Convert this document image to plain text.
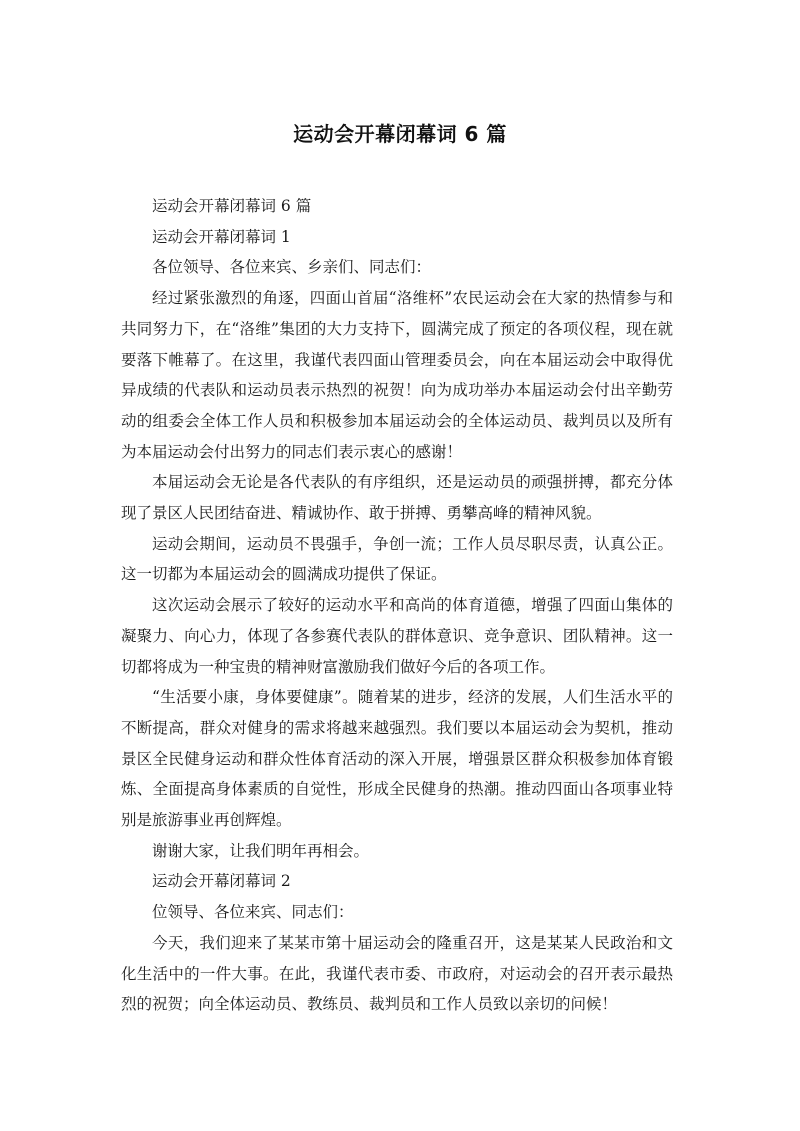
运动会开幕闭幕词 6 篇

运动会开幕闭幕词 6 篇

运动会开幕闭幕词 1

各位领导、各位来宾、乡亲们、同志们：

经过紧张激烈的角逐，四面山首届“洛维杯”农民运动会在大家的热情参与和共同努力下，在“洛维”集团的大力支持下，圆满完成了预定的各项仪程，现在就要落下帷幕了。在这里，我谨代表四面山管理委员会，向在本届运动会中取得优异成绩的代表队和运动员表示热烈的祝贺！向为成功举办本届运动会付出辛勤劳动的组委会全体工作人员和积极参加本届运动会的全体运动员、裁判员以及所有为本届运动会付出努力的同志们表示衷心的感谢！

本届运动会无论是各代表队的有序组织，还是运动员的顽强拼搏，都充分体现了景区人民团结奋进、精诚协作、敢于拼搏、勇攀高峰的精神风貌。

运动会期间，运动员不畏强手，争创一流；工作人员尽职尽责，认真公正。这一切都为本届运动会的圆满成功提供了保证。

这次运动会展示了较好的运动水平和高尚的体育道德，增强了四面山集体的凝聚力、向心力，体现了各参赛代表队的群体意识、竞争意识、团队精神。这一切都将成为一种宝贵的精神财富激励我们做好今后的各项工作。

“生活要小康，身体要健康”。随着某的进步，经济的发展，人们生活水平的不断提高，群众对健身的需求将越来越强烈。我们要以本届运动会为契机，推动景区全民健身运动和群众性体育活动的深入开展，增强景区群众积极参加体育锻炼、全面提高身体素质的自觉性，形成全民健身的热潮。推动四面山各项事业特别是旅游事业再创辉煌。

谢谢大家，让我们明年再相会。

运动会开幕闭幕词 2

位领导、各位来宾、同志们：

今天，我们迎来了某某市第十届运动会的隆重召开，这是某某人民政治和文化生活中的一件大事。在此，我谨代表市委、市政府，对运动会的召开表示最热烈的祝贺；向全体运动员、教练员、裁判员和工作人员致以亲切的问候！
